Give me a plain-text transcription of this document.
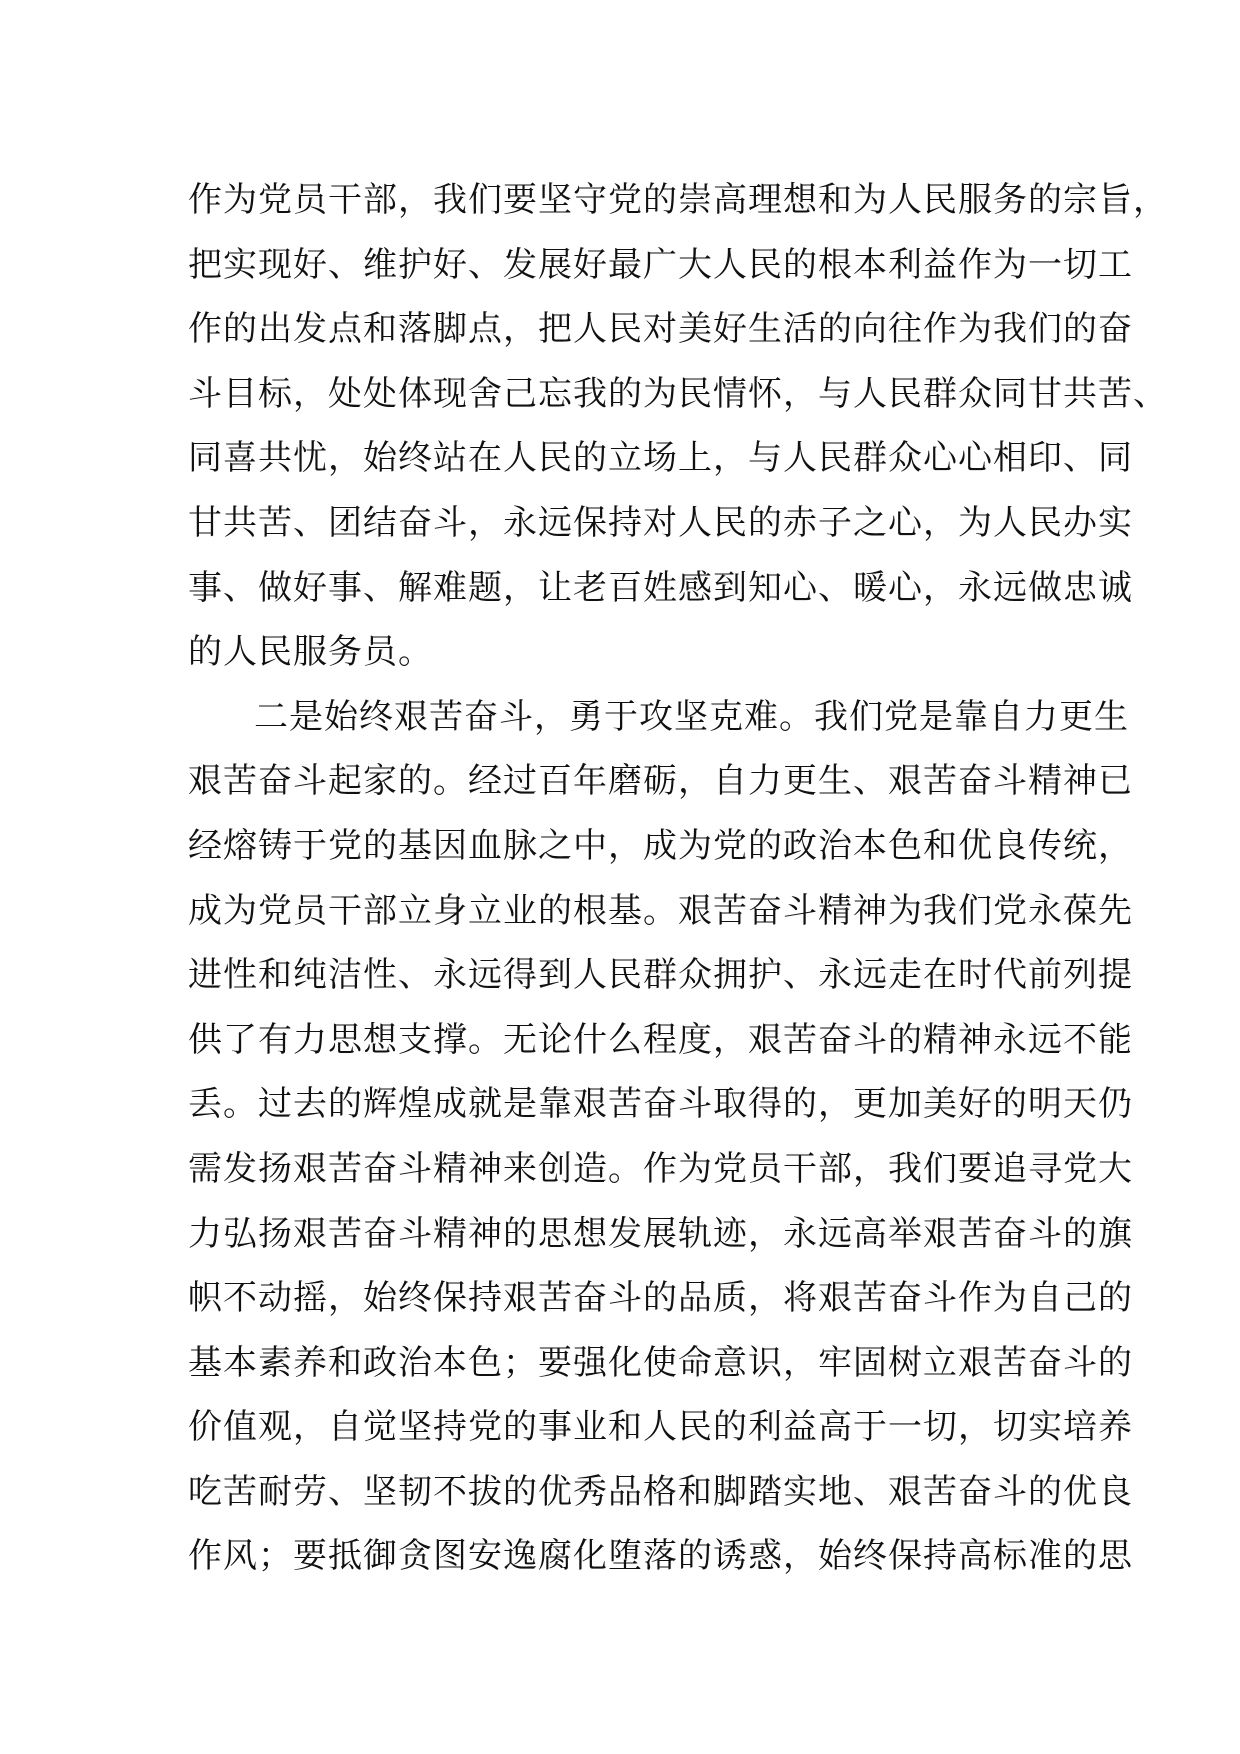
作为党员干部，我们要坚守党的崇高理想和为人民服务的宗旨，
把实现好、维护好、发展好最广大人民的根本利益作为一切工
作的出发点和落脚点，把人民对美好生活的向往作为我们的奋
斗目标，处处体现舍己忘我的为民情怀，与人民群众同甘共苦、
同喜共忧，始终站在人民的立场上，与人民群众心心相印、同
甘共苦、团结奋斗，永远保持对人民的赤子之心，为人民办实
事、做好事、解难题，让老百姓感到知心、暖心，永远做忠诚
的人民服务员。
二是始终艰苦奋斗，勇于攻坚克难。我们党是靠自力更生
艰苦奋斗起家的。经过百年磨砺，自力更生、艰苦奋斗精神已
经熔铸于党的基因血脉之中，成为党的政治本色和优良传统，
成为党员干部立身立业的根基。艰苦奋斗精神为我们党永葆先
进性和纯洁性、永远得到人民群众拥护、永远走在时代前列提
供了有力思想支撑。无论什么程度，艰苦奋斗的精神永远不能
丢。过去的辉煌成就是靠艰苦奋斗取得的，更加美好的明天仍
需发扬艰苦奋斗精神来创造。作为党员干部，我们要追寻党大
力弘扬艰苦奋斗精神的思想发展轨迹，永远高举艰苦奋斗的旗
帜不动摇，始终保持艰苦奋斗的品质，将艰苦奋斗作为自己的
基本素养和政治本色；要强化使命意识，牢固树立艰苦奋斗的
价值观，自觉坚持党的事业和人民的利益高于一切，切实培养
吃苦耐劳、坚韧不拔的优秀品格和脚踏实地、艰苦奋斗的优良
作风；要抵御贪图安逸腐化堕落的诱惑，始终保持高标准的思
